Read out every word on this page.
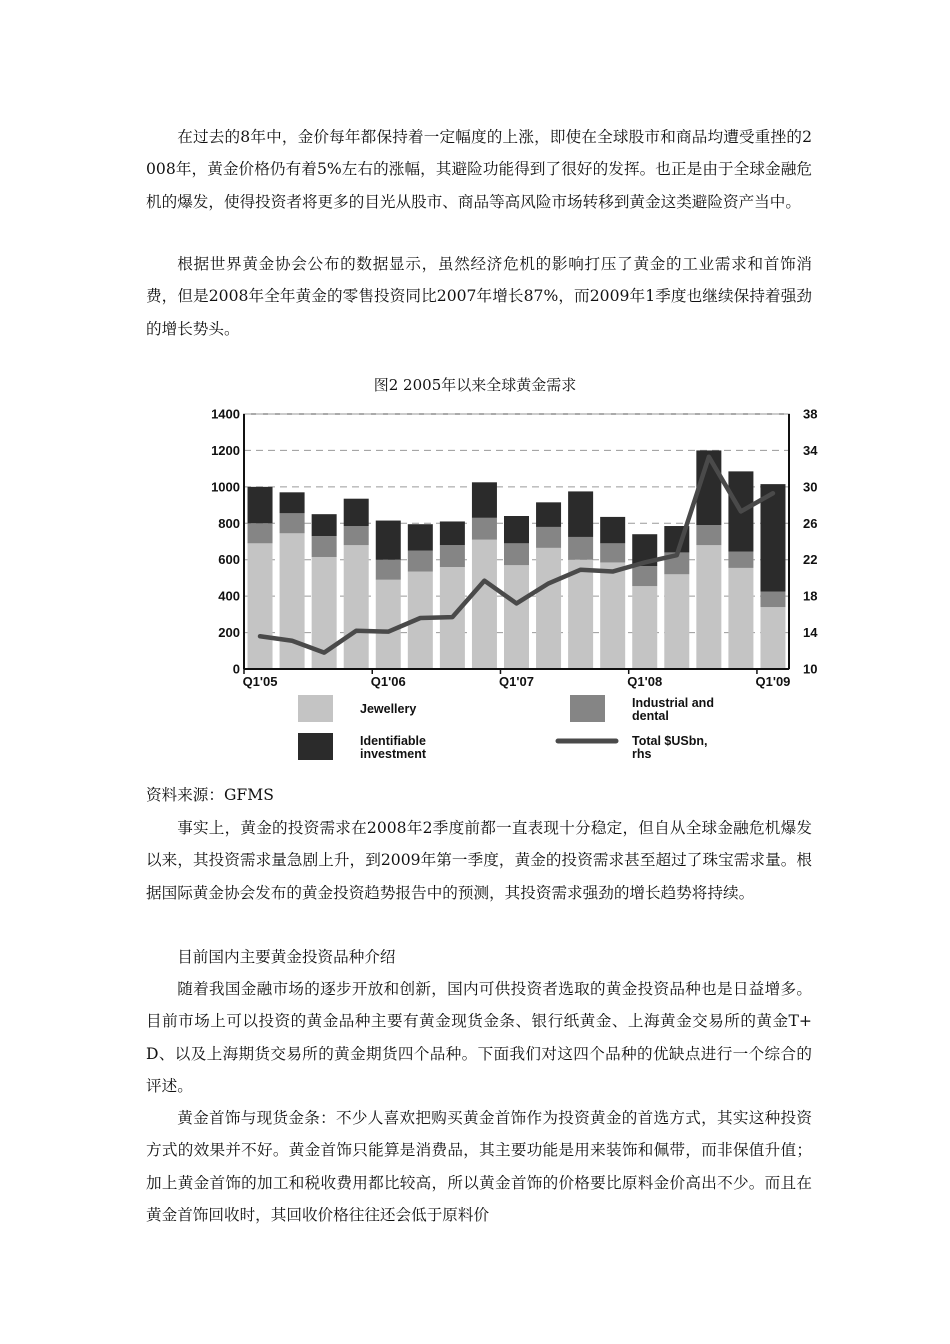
在过去的8年中，金价每年都保持着一定幅度的上涨，即使在全球股市和商品均遭受重挫的2008年，黄金价格仍有着5%左右的涨幅，其避险功能得到了很好的发挥。也正是由于全球金融危机的爆发，使得投资者将更多的目光从股市、商品等高风险市场转移到黄金这类避险资产当中。

根据世界黄金协会公布的数据显示，虽然经济危机的影响打压了黄金的工业需求和首饰消费，但是2008年全年黄金的零售投资同比2007年增长87%，而2009年1季度也继续保持着强劲的增长势头。

图2 2005年以来全球黄金需求

0
200
400
600
800
1000
1200
1400
10
14
18
22
26
30
34
38
Q1'05	Q1'06	Q1'07	Q1'08	Q1'09
Jewellery	Industrial and
dental
Identifiable
investment
Total $USbn,
rhs

资料来源：GFMS

事实上，黄金的投资需求在2008年2季度前都一直表现十分稳定，但自从全球金融危机爆发以来，其投资需求量急剧上升，到2009年第一季度，黄金的投资需求甚至超过了珠宝需求量。根据国际黄金协会发布的黄金投资趋势报告中的预测，其投资需求强劲的增长趋势将持续。

目前国内主要黄金投资品种介绍

随着我国金融市场的逐步开放和创新，国内可供投资者选取的黄金投资品种也是日益增多。目前市场上可以投资的黄金品种主要有黄金现货金条、银行纸黄金、上海黄金交易所的黄金T+D、以及上海期货交易所的黄金期货四个品种。下面我们对这四个品种的优缺点进行一个综合的评述。

黄金首饰与现货金条：不少人喜欢把购买黄金首饰作为投资黄金的首选方式，其实这种投资方式的效果并不好。黄金首饰只能算是消费品，其主要功能是用来装饰和佩带，而非保值升值；加上黄金首饰的加工和税收费用都比较高，所以黄金首饰的价格要比原料金价高出不少。而且在黄金首饰回收时，其回收价格往往还会低于原料价
